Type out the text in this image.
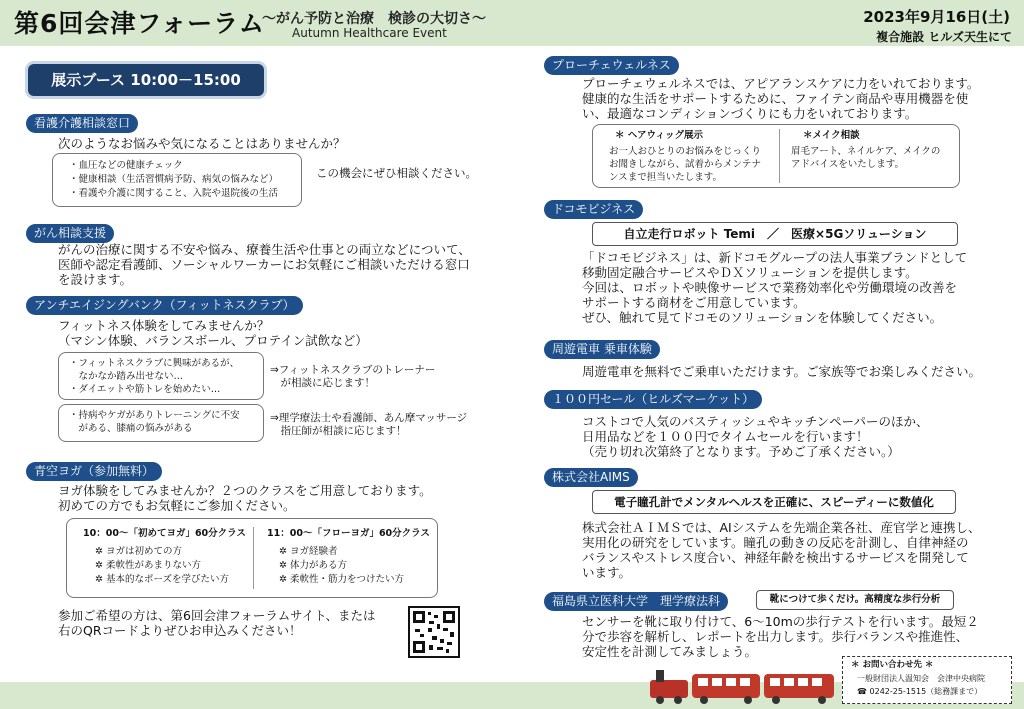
第6回会津フォーラム
～がん予防と治療　検診の大切さ～
Autumn Healthcare Event
2023年9月16日(土)
複合施設 ヒルズ天生にて
展示ブース 10:00－15:00
看護介護相談窓口
次のようなお悩みや気になることはありませんか？
・血圧などの健康チェック
・健康相談（生活習慣病予防、病気の悩みなど）
・看護や介護に関すること、入院や退院後の生活
この機会にぜひ相談ください。
がん相談支援
がんの治療に関する不安や悩み、療養生活や仕事との両立などについて、
医師や認定看護師、ソーシャルワーカーにお気軽にご相談いただける窓口
を設けます。
アンチエイジングバンク（フィットネスクラブ）
フィットネス体験をしてみませんか？
（マシン体験、バランスボール、プロテイン試飲など）
・フィットネスクラブに興味があるが、
　なかなか踏み出せない…
・ダイエットや筋トレを始めたい…
⇒フィットネスクラブのトレーナー
　が相談に応じます！
・持病やケガがありトレーニングに不安
　がある、膝痛の悩みがある
⇒理学療法士や看護師、あん摩マッサージ
　指圧師が相談に応じます！
青空ヨガ（参加無料）
ヨガ体験をしてみませんか？２つのクラスをご用意しております。
初めての方でもお気軽にご参加ください。
10：00～「初めてヨガ」60分クラス
✲ ヨガは初めての方
✲ 柔軟性があまりない方
✲ 基本的なポーズを学びたい方
11：00～「フローヨガ」60分クラス
✲ ヨガ経験者
✲ 体力がある方
✲ 柔軟性・筋力をつけたい方
参加ご希望の方は、第6回会津フォーラムサイト、または
右のQRコードよりぜひお申込みください！
プローチェウェルネス
プローチェウェルネスでは、アピアランスケアに力をいれております。
健康的な生活をサポートするために、ファイテン商品や専用機器を使
い、最適なコンディションづくりにも力をいれております。
＊ ヘアウィッグ展示
お一人おひとりのお悩みをじっくり
お聞きしながら、試着からメンテナ
ンスまで担当いたします。
＊メイク相談
眉毛アート、ネイルケア、メイクの
アドバイスをいたします。
ドコモビジネス
自立走行ロボット Temi　／　医療×5Gソリューション
「ドコモビジネス」は、新ドコモグループの法人事業ブランドとして
移動固定融合サービスやＤＸソリューションを提供します。
今回は、ロボットや映像サービスで業務効率化や労働環境の改善を
サポートする商材をご用意しています。
ぜひ、触れて見てドコモのソリューションを体験してください。
周遊電車 乗車体験
周遊電車を無料でご乗車いただけます。ご家族等でお楽しみください。
１００円セール（ヒルズマーケット）
コストコで人気のバスティッシュやキッチンペーパーのほか、
日用品などを１００円でタイムセールを行います！
（売り切れ次第終了となります。予めご了承ください。）
株式会社AIMS
電子瞳孔計でメンタルヘルスを正確に、スピーディーに数値化
株式会社ＡＩＭＳでは、AIシステムを先端企業各社、産官学と連携し、
実用化の研究をしています。瞳孔の動きの反応を計測し、自律神経の
バランスやストレス度合い、神経年齢を検出するサービスを開発して
います。
福島県立医科大学　理学療法科	靴につけて歩くだけ。高精度な歩行分析
センサーを靴に取り付けて、6～10mの歩行テストを行います。最短２
分で歩容を解析し、レポートを出力します。歩行バランスや推進性、
安定性を計測してみましょう。
＊ お問い合わせ先 ＊
一般財団法人温知会　会津中央病院
☎ 0242-25-1515（総務課まで）
